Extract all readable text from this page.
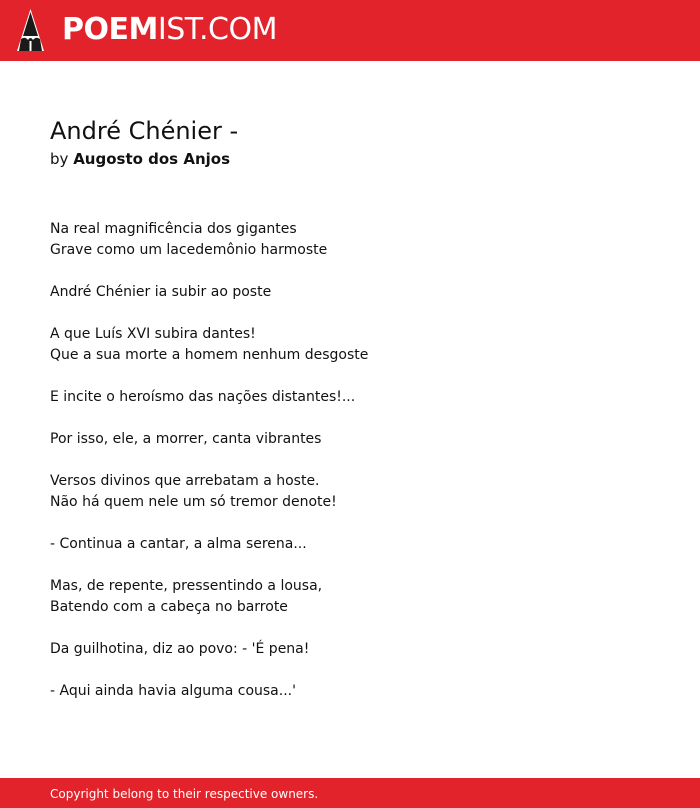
POEMIST.COM
André Chénier -
by Augosto dos Anjos
Na real magnificência dos gigantes
Grave como um lacedemônio harmoste
André Chénier ia subir ao poste
A que Luís XVI subira dantes!
Que a sua morte a homem nenhum desgoste
E incite o heroísmo das nações distantes!...
Por isso, ele, a morrer, canta vibrantes
Versos divinos que arrebatam a hoste.
Não há quem nele um só tremor denote!
- Continua a cantar, a alma serena...
Mas, de repente, pressentindo a lousa,
Batendo com a cabeça no barrote
Da guilhotina, diz ao povo: - 'É pena!
- Aqui ainda havia alguma cousa...'
Copyright belong to their respective owners.
